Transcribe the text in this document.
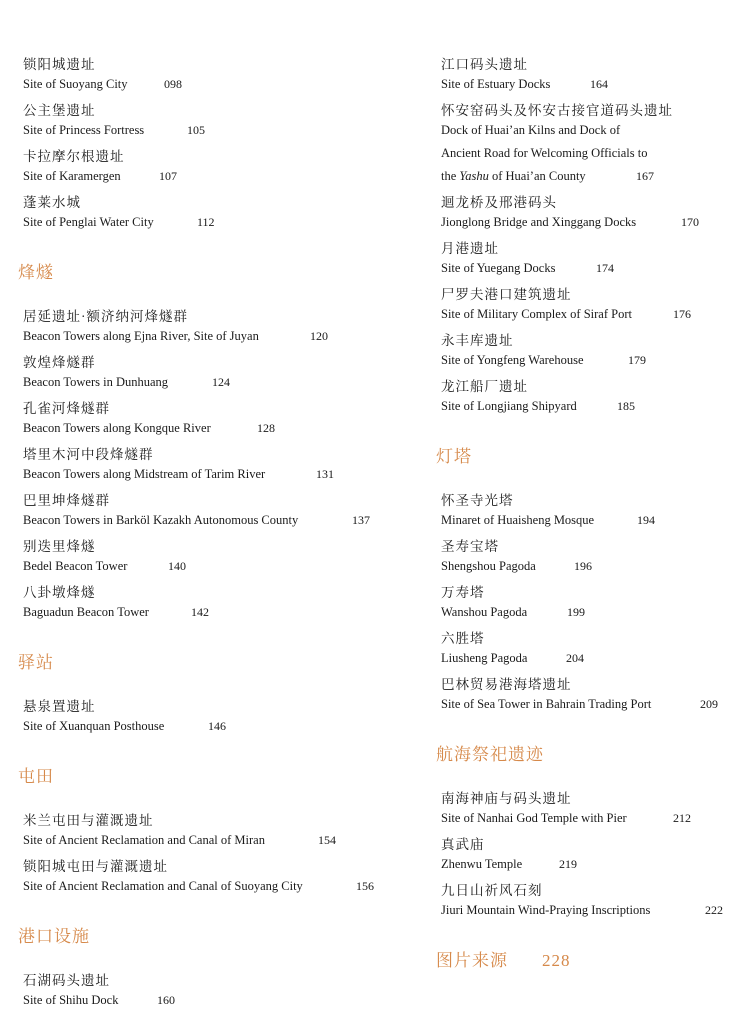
锁阳城遗址
Site of Suoyang City	098
公主堡遗址
Site of Princess Fortress	105
卡拉摩尔根遗址
Site of Karamergen	107
蓬莱水城
Site of Penglai Water City	112
烽燧
居延遗址·额济纳河烽燧群
Beacon Towers along Ejna River, Site of Juyan	120
敦煌烽燧群
Beacon Towers in Dunhuang	124
孔雀河烽燧群
Beacon Towers along Kongque River	128
塔里木河中段烽燧群
Beacon Towers along Midstream of Tarim River	131
巴里坤烽燧群
Beacon Towers in Barköl Kazakh Autonomous County	137
别迭里烽燧
Bedel Beacon Tower	140
八卦墩烽燧
Baguadun Beacon Tower	142
驿站
悬泉置遗址
Site of Xuanquan Posthouse	146
屯田
米兰屯田与灌溉遗址
Site of Ancient Reclamation and Canal of Miran	154
锁阳城屯田与灌溉遗址
Site of Ancient Reclamation and Canal of Suoyang City	156
港口设施
石湖码头遗址
Site of Shihu Dock	160
江口码头遗址
Site of Estuary Docks	164
怀安窑码头及怀安古接官道码头遗址
Dock of Huai’an Kilns and Dock of
Ancient Road for Welcoming Officials to
the Yashu of Huai’an County	167
迴龙桥及邢港码头
Jionglong Bridge and Xinggang Docks	170
月港遗址
Site of Yuegang Docks	174
尸罗夫港口建筑遗址
Site of Military Complex of Siraf Port	176
永丰库遗址
Site of Yongfeng Warehouse	179
龙江船厂遗址
Site of Longjiang Shipyard	185
灯塔
怀圣寺光塔
Minaret of Huaisheng Mosque	194
圣寿宝塔
Shengshou Pagoda	196
万寿塔
Wanshou Pagoda	199
六胜塔
Liusheng Pagoda	204
巴林贸易港海塔遗址
Site of Sea Tower in Bahrain Trading Port	209
航海祭祀遗迹
南海神庙与码头遗址
Site of Nanhai God Temple with Pier	212
真武庙
Zhenwu Temple	219
九日山祈风石刻
Jiuri Mountain Wind-Praying Inscriptions	222
图片来源 228
